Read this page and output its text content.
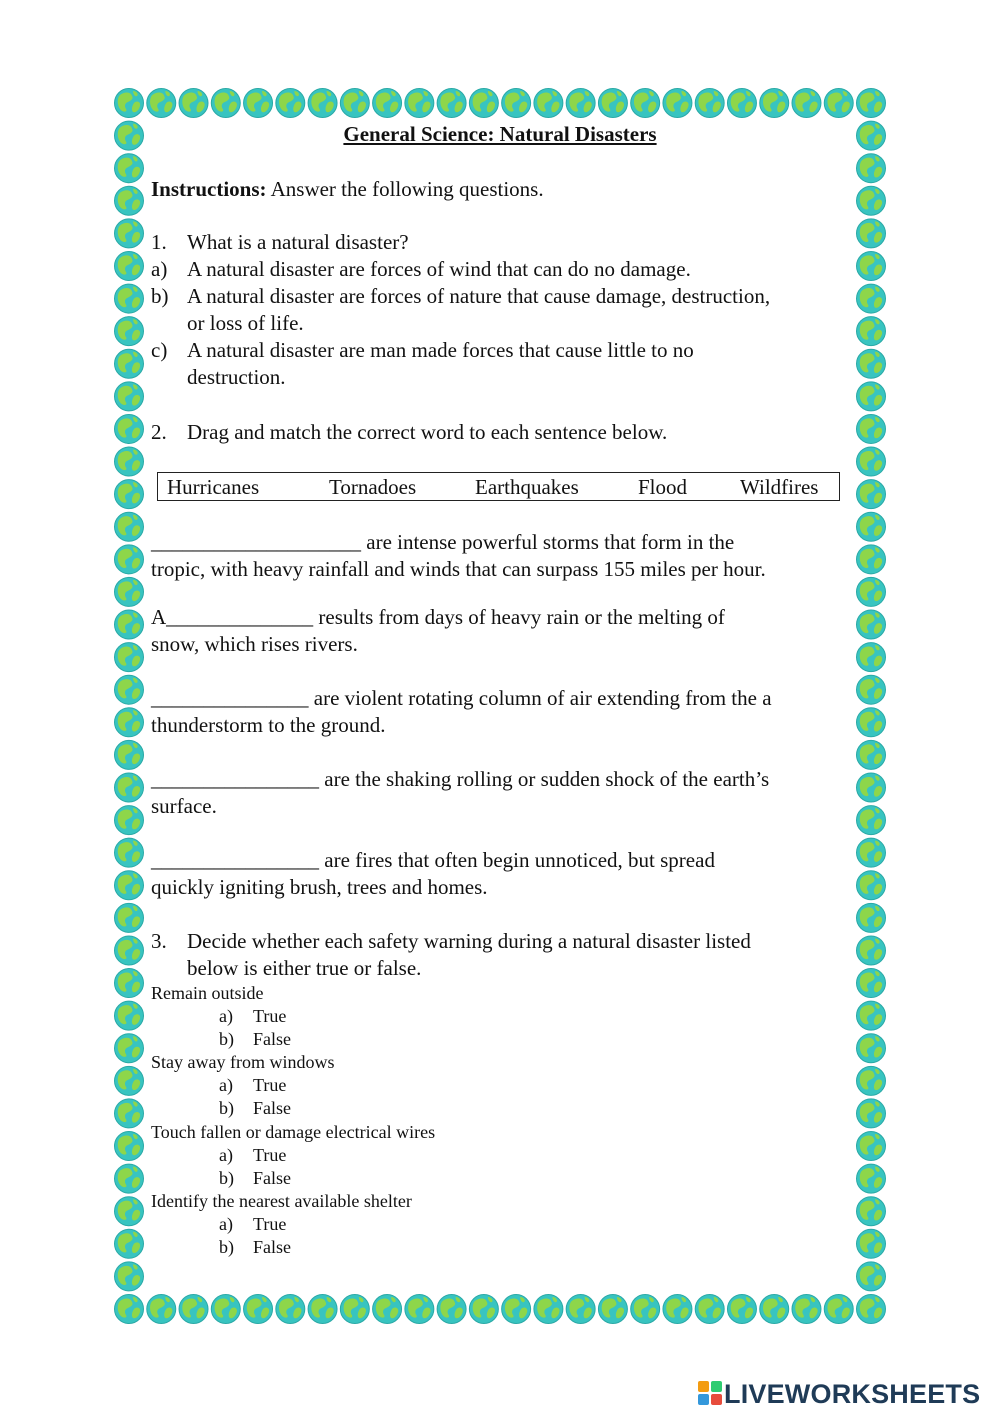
General Science: Natural Disasters
Instructions: Answer the following questions.
1. What is a natural disaster?
a) A natural disaster are forces of wind that can do no damage.
b) A natural disaster are forces of nature that cause damage, destruction,
or loss of life.
c) A natural disaster are man made forces that cause little to no
destruction.
2. Drag and match the correct word to each sentence below.
Hurricanes	Tornadoes	Earthquakes	Flood	Wildfires
____________________ are intense powerful storms that form in the
tropic, with heavy rainfall and winds that can surpass 155 miles per hour.
A______________ results from days of heavy rain or the melting of
snow, which rises rivers.
_______________ are violent rotating column of air extending from the a
thunderstorm to the ground.
________________ are the shaking rolling or sudden shock of the earth’s
surface.
________________ are fires that often begin unnoticed, but spread
quickly igniting brush, trees and homes.
3. Decide whether each safety warning during a natural disaster listed
below is either true or false.
Remain outside
a) True
b) False
Stay away from windows
a) True
b) False
Touch fallen or damage electrical wires
a) True
b) False
Identify the nearest available shelter
a) True
b) False
LIVEWORKSHEETS
